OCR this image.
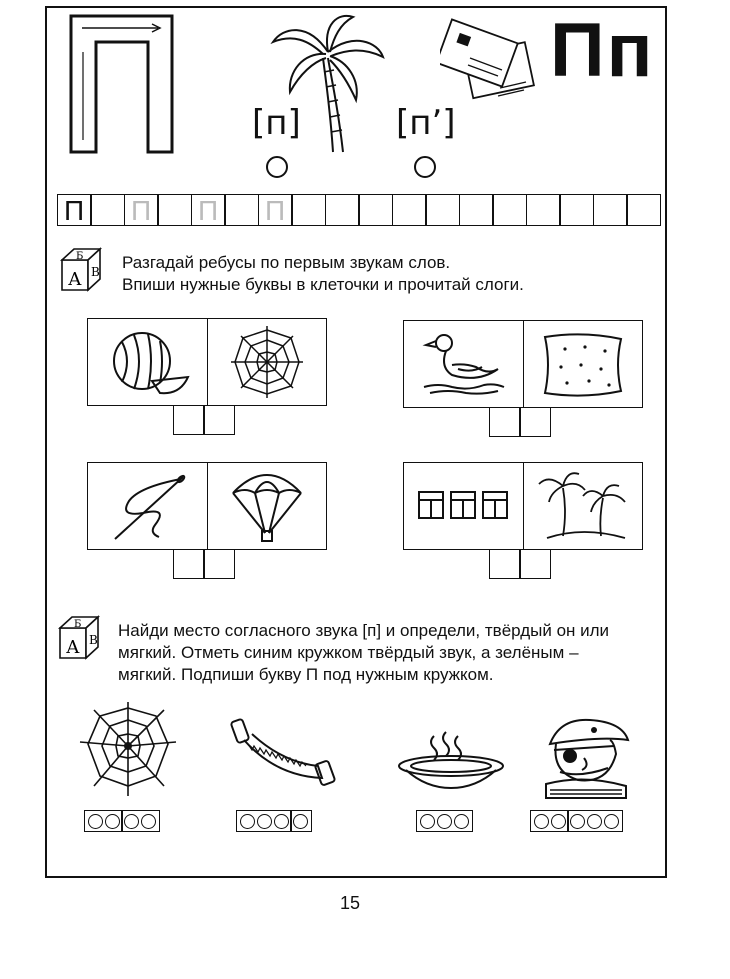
[п]	[п’]
Пп
П П П П
А
Б
В Разгадай ребусы по первым звукам слов.
Впиши нужные буквы в клеточки и прочитай слоги.
А
Б
В Найди место согласного звука [п] и определи, твёрдый он или
мягкий. Отметь синим кружком твёрдый звук, а зелёным –
мягкий. Подпиши букву П под нужным кружком.
15
